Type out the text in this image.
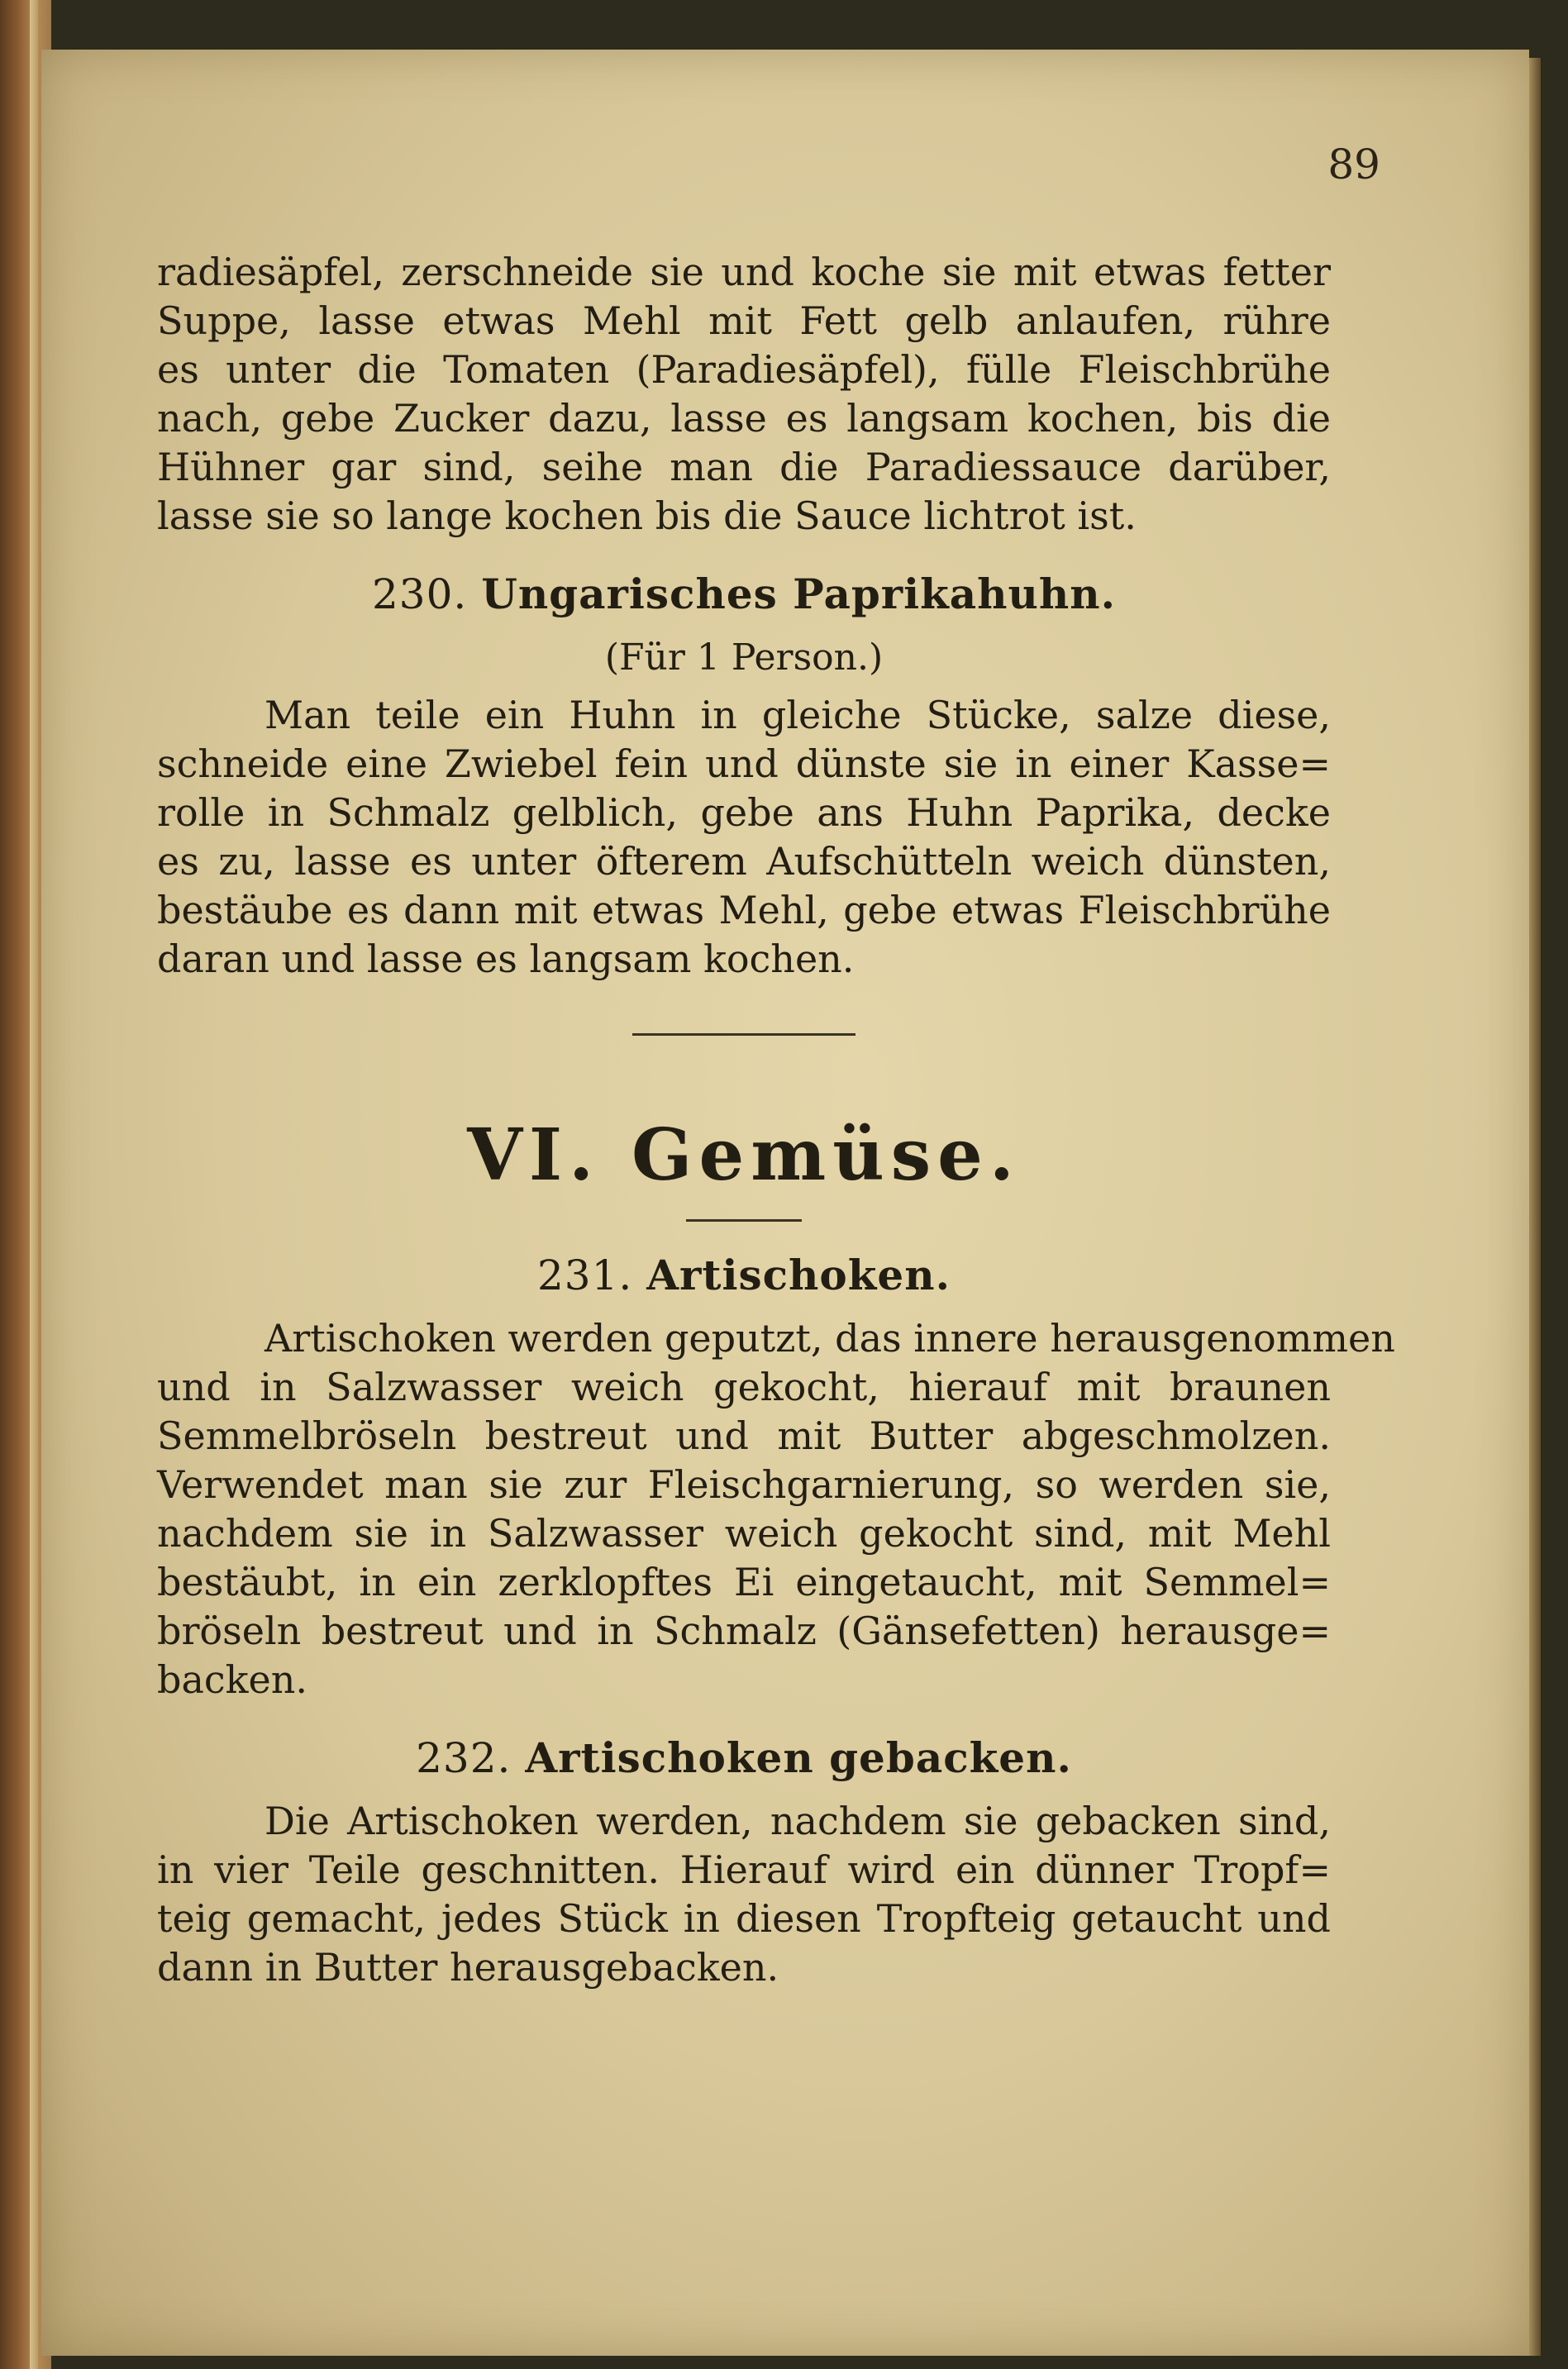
89
radiesäpfel, zerschneide sie und koche sie mit etwas fetter
Suppe, lasse etwas Mehl mit Fett gelb anlaufen, rühre
es unter die Tomaten (Paradiesäpfel), fülle Fleischbrühe
nach, gebe Zucker dazu, lasse es langsam kochen, bis die
Hühner gar sind, seihe man die Paradiessauce darüber,
lasse sie so lange kochen bis die Sauce lichtrot ist.
230. Ungarisches Paprikahuhn.
(Für 1 Person.)
Man teile ein Huhn in gleiche Stücke, salze diese,
schneide eine Zwiebel fein und dünste sie in einer Kasse=
rolle in Schmalz gelblich, gebe ans Huhn Paprika, decke
es zu, lasse es unter öfterem Aufschütteln weich dünsten,
bestäube es dann mit etwas Mehl, gebe etwas Fleischbrühe
daran und lasse es langsam kochen.
VI. Gemüse.
231. Artischoken.
Artischoken werden geputzt, das innere herausgenommen
und in Salzwasser weich gekocht, hierauf mit braunen
Semmelbröseln bestreut und mit Butter abgeschmolzen.
Verwendet man sie zur Fleischgarnierung, so werden sie,
nachdem sie in Salzwasser weich gekocht sind, mit Mehl
bestäubt, in ein zerklopftes Ei eingetaucht, mit Semmel=
bröseln bestreut und in Schmalz (Gänsefetten) herausge=
backen.
232. Artischoken gebacken.
Die Artischoken werden, nachdem sie gebacken sind,
in vier Teile geschnitten. Hierauf wird ein dünner Tropf=
teig gemacht, jedes Stück in diesen Tropfteig getaucht und
dann in Butter herausgebacken.
